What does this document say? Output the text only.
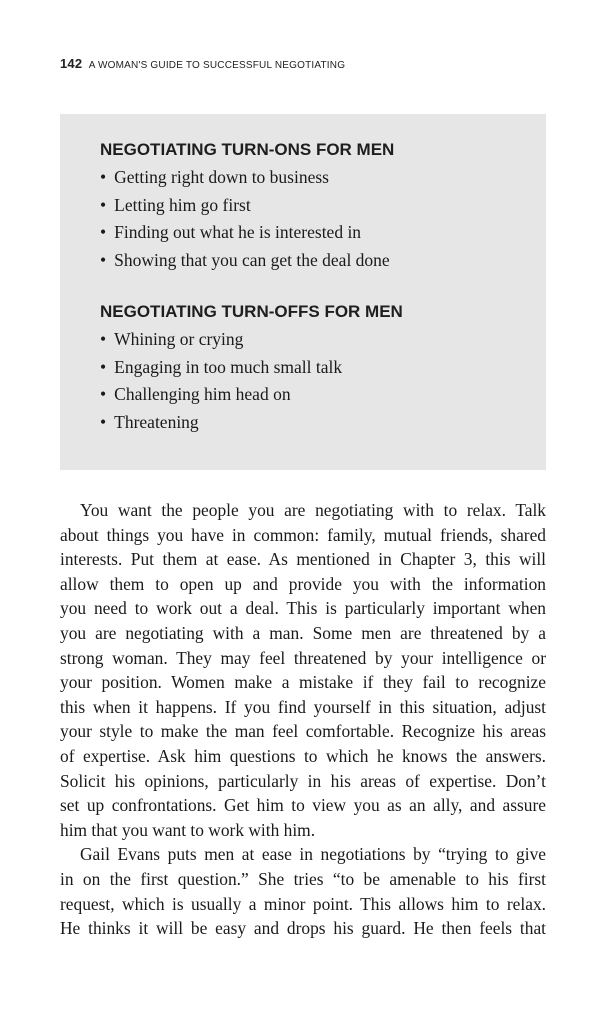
142 A WOMAN'S GUIDE TO SUCCESSFUL NEGOTIATING
NEGOTIATING TURN-ONS FOR MEN
• Getting right down to business
• Letting him go first
• Finding out what he is interested in
• Showing that you can get the deal done
NEGOTIATING TURN-OFFS FOR MEN
• Whining or crying
• Engaging in too much small talk
• Challenging him head on
• Threatening

You want the people you are negotiating with to relax. Talk
about things you have in common: family, mutual friends, shared
interests. Put them at ease. As mentioned in Chapter 3, this will
allow them to open up and provide you with the information
you need to work out a deal. This is particularly important when
you are negotiating with a man. Some men are threatened by a
strong woman. They may feel threatened by your intelligence or
your position. Women make a mistake if they fail to recognize
this when it happens. If you find yourself in this situation, adjust
your style to make the man feel comfortable. Recognize his areas
of expertise. Ask him questions to which he knows the answers.
Solicit his opinions, particularly in his areas of expertise. Don’t
set up confrontations. Get him to view you as an ally, and assure
him that you want to work with him.

Gail Evans puts men at ease in negotiations by “trying to give
in on the first question.” She tries “to be amenable to his first
request, which is usually a minor point. This allows him to relax.
He thinks it will be easy and drops his guard. He then feels that
